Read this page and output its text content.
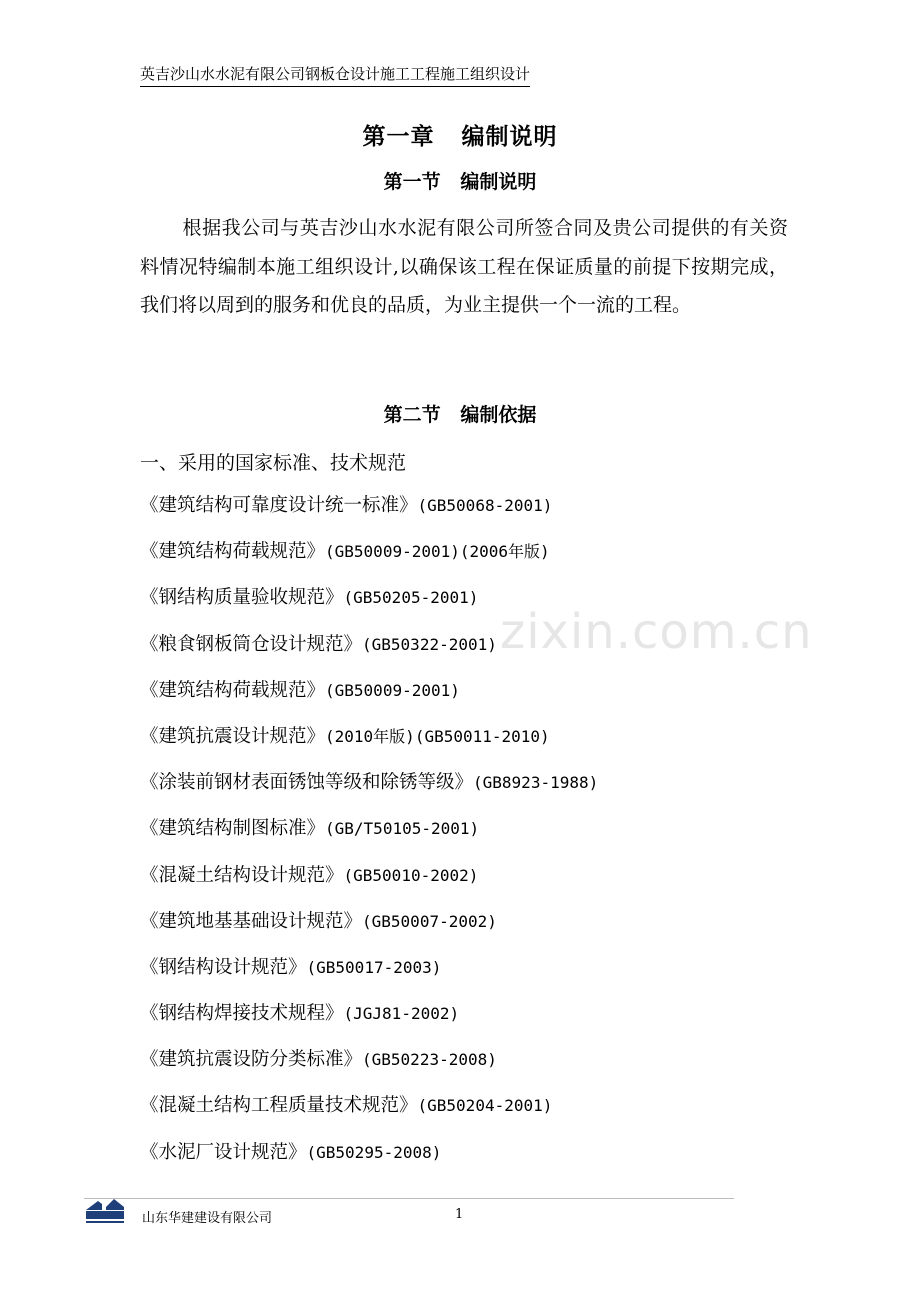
英吉沙山水水泥有限公司钢板仓设计施工工程施工组织设计
第一章   编制说明
第一节   编制说明
根据我公司与英吉沙山水水泥有限公司所签合同及贵公司提供的有关资料情况特编制本施工组织设计,以确保该工程在保证质量的前提下按期完成，我们将以周到的服务和优良的品质，为业主提供一个一流的工程。
第二节   编制依据
一、采用的国家标准、技术规范
《建筑结构可靠度设计统一标准》(GB50068-2001)
《建筑结构荷载规范》(GB50009-2001)(2006年版)
《钢结构质量验收规范》(GB50205-2001)
《粮食钢板筒仓设计规范》(GB50322-2001)
《建筑结构荷载规范》(GB50009-2001)
《建筑抗震设计规范》(2010年版)(GB50011-2010)
《涂装前钢材表面锈蚀等级和除锈等级》(GB8923-1988)
《建筑结构制图标准》(GB/T50105-2001)
《混凝土结构设计规范》(GB50010-2002)
《建筑地基基础设计规范》(GB50007-2002)
《钢结构设计规范》(GB50017-2003)
《钢结构焊接技术规程》(JGJ81-2002)
《建筑抗震设防分类标准》(GB50223-2008)
《混凝土结构工程质量技术规范》(GB50204-2001)
《水泥厂设计规范》(GB50295-2008)
zixin.com.cn
山东华建建设有限公司	1
